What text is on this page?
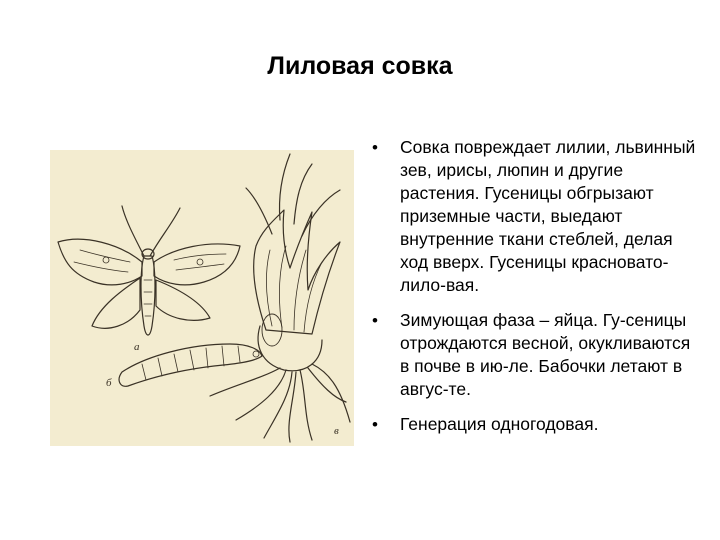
Лиловая совка
а
б
в
• Совка повреждает лилии, львинный зев, ирисы, люпин и другие растения. Гусеницы обгрызают приземные части, выедают внутренние ткани стеблей, делая ход вверх. Гусеницы красновато-лило-вая.
• Зимующая фаза – яйца. Гу-сеницы отрождаются весной, окукливаются в почве в ию-ле. Бабочки летают в авгус-те.
• Генерация одногодовая.
